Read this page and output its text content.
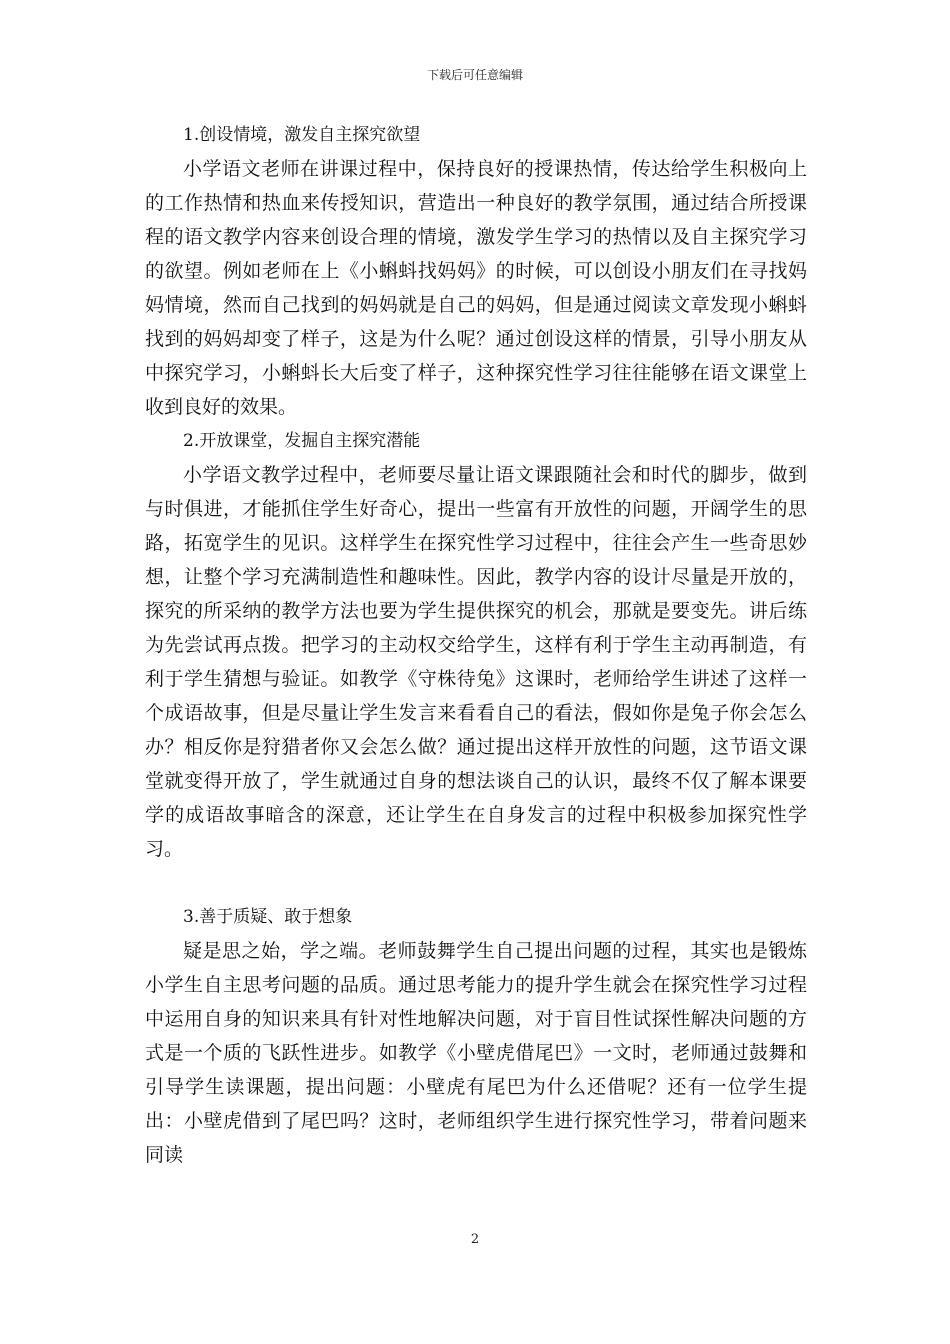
下载后可任意编辑
1.创设情境，激发自主探究欲望

小学语文老师在讲课过程中，保持良好的授课热情，传达给学生积极向上的工作热情和热血来传授知识，营造出一种良好的教学氛围，通过结合所授课程的语文教学内容来创设合理的情境，激发学生学习的热情以及自主探究学习的欲望。例如老师在上《小蝌蚪找妈妈》的时候，可以创设小朋友们在寻找妈妈情境，然而自己找到的妈妈就是自己的妈妈，但是通过阅读文章发现小蝌蚪找到的妈妈却变了样子，这是为什么呢？通过创设这样的情景，引导小朋友从中探究学习，小蝌蚪长大后变了样子，这种探究性学习往往能够在语文课堂上收到良好的效果。

2.开放课堂，发掘自主探究潜能

小学语文教学过程中，老师要尽量让语文课跟随社会和时代的脚步，做到与时俱进，才能抓住学生好奇心，提出一些富有开放性的问题，开阔学生的思路，拓宽学生的见识。这样学生在探究性学习过程中，往往会产生一些奇思妙想，让整个学习充满制造性和趣味性。因此，教学内容的设计尽量是开放的，探究的所采纳的教学方法也要为学生提供探究的机会，那就是要变先。讲后练为先尝试再点拨。把学习的主动权交给学生，这样有利于学生主动再制造，有利于学生猜想与验证。如教学《守株待兔》这课时，老师给学生讲述了这样一个成语故事，但是尽量让学生发言来看看自己的看法，假如你是兔子你会怎么办？相反你是狩猎者你又会怎么做？通过提出这样开放性的问题，这节语文课堂就变得开放了，学生就通过自身的想法谈自己的认识，最终不仅了解本课要学的成语故事暗含的深意，还让学生在自身发言的过程中积极参加探究性学习。

3.善于质疑、敢于想象

疑是思之始，学之端。老师鼓舞学生自己提出问题的过程，其实也是锻炼小学生自主思考问题的品质。通过思考能力的提升学生就会在探究性学习过程中运用自身的知识来具有针对性地解决问题，对于盲目性试探性解决问题的方式是一个质的飞跃性进步。如教学《小壁虎借尾巴》一文时，老师通过鼓舞和引导学生读课题，提出问题：小壁虎有尾巴为什么还借呢？还有一位学生提出：小壁虎借到了尾巴吗？这时，老师组织学生进行探究性学习，带着问题来同读

2
